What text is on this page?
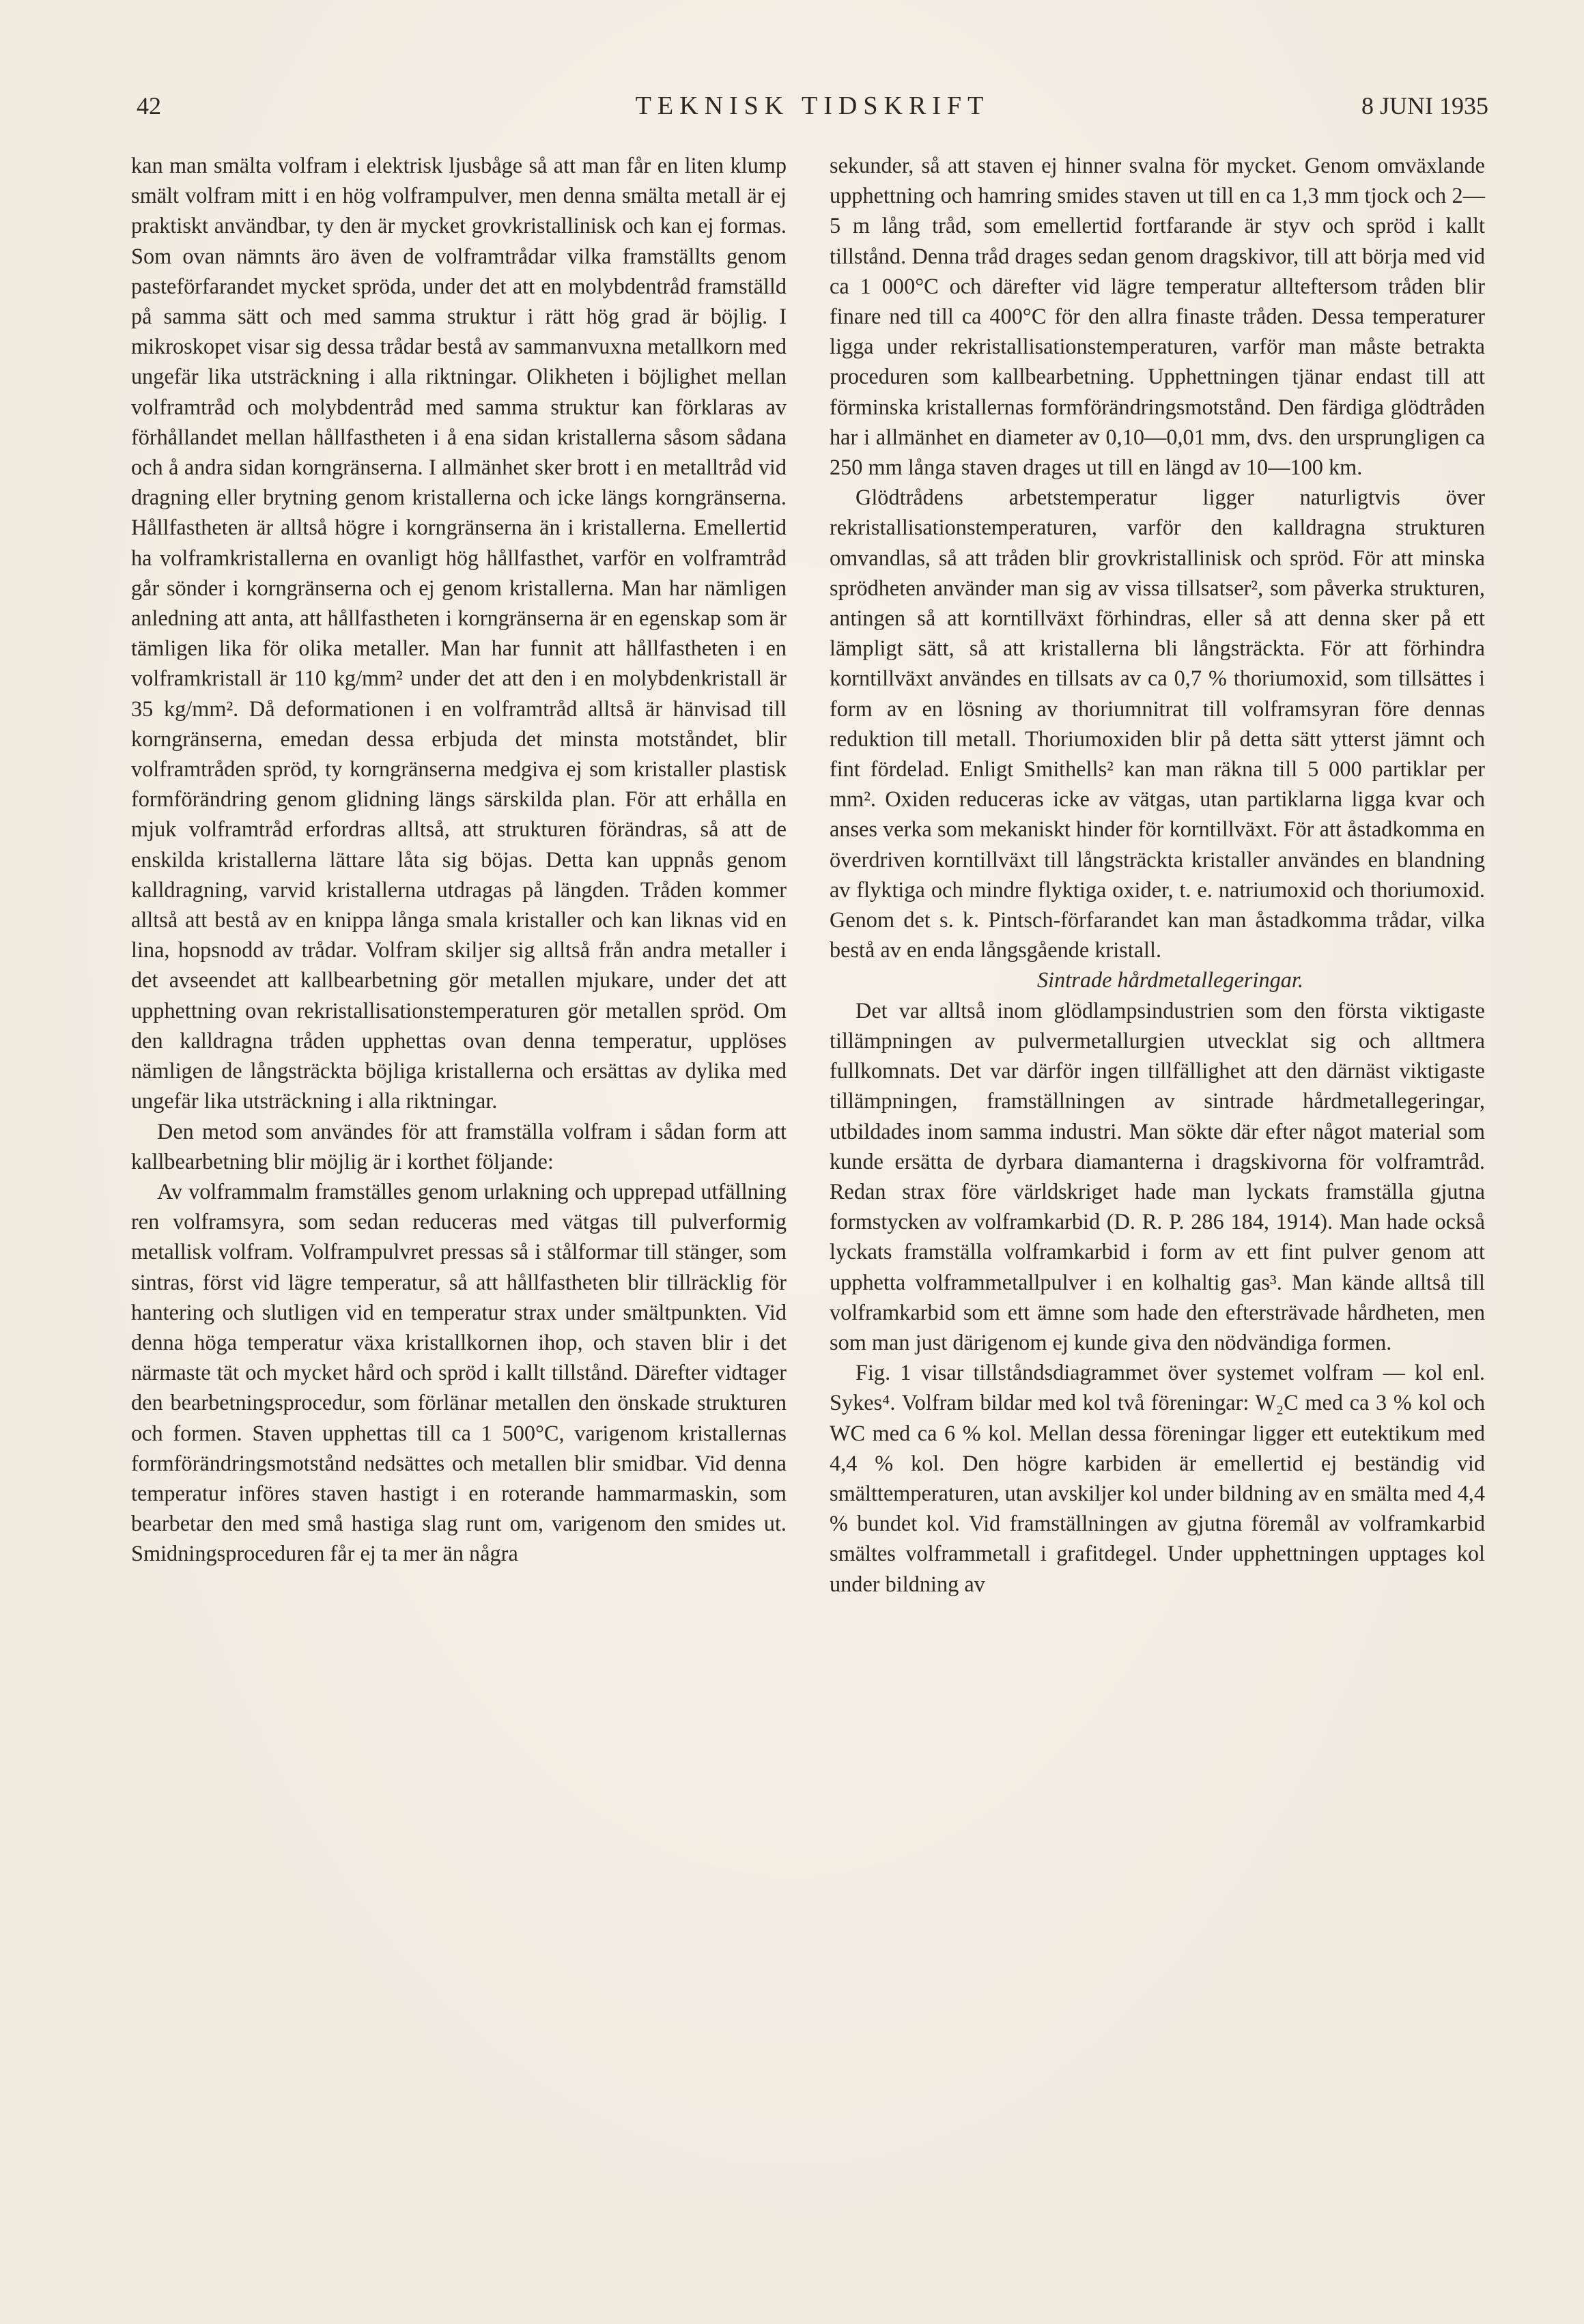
42	TEKNISK TIDSKRIFT	8 JUNI 1935

kan man smälta volfram i elektrisk ljusbåge så att man får en liten klump smält volfram mitt i en hög volframpulver, men denna smälta metall är ej praktiskt användbar, ty den är mycket grovkristallinisk och kan ej formas. Som ovan nämnts äro även de volframtrådar vilka framställts genom pasteförfarandet mycket spröda, under det att en molybdentråd framställd på samma sätt och med samma struktur i rätt hög grad är böjlig. I mikroskopet visar sig dessa trådar bestå av sammanvuxna metallkorn med ungefär lika utsträckning i alla riktningar. Olikheten i böjlighet mellan volframtråd och molybdentråd med samma struktur kan förklaras av förhållandet mellan hållfastheten i å ena sidan kristallerna såsom sådana och å andra sidan korngränserna. I allmänhet sker brott i en metalltråd vid dragning eller brytning genom kristallerna och icke längs korngränserna. Hållfastheten är alltså högre i korngränserna än i kristallerna. Emellertid ha volframkristallerna en ovanligt hög hållfasthet, varför en volframtråd går sönder i korngränserna och ej genom kristallerna. Man har nämligen anledning att anta, att hållfastheten i korngränserna är en egenskap som är tämligen lika för olika metaller. Man har funnit att hållfastheten i en volframkristall är 110 kg/mm² under det att den i en molybdenkristall är 35 kg/mm². Då deformationen i en volframtråd alltså är hänvisad till korngränserna, emedan dessa erbjuda det minsta motståndet, blir volframtråden spröd, ty korngränserna medgiva ej som kristaller plastisk formförändring genom glidning längs särskilda plan. För att erhålla en mjuk volframtråd erfordras alltså, att strukturen förändras, så att de enskilda kristallerna lättare låta sig böjas. Detta kan uppnås genom kalldragning, varvid kristallerna utdragas på längden. Tråden kommer alltså att bestå av en knippa långa smala kristaller och kan liknas vid en lina, hopsnodd av trådar. Volfram skiljer sig alltså från andra metaller i det avseendet att kallbearbetning gör metallen mjukare, under det att upphettning ovan rekristallisationstemperaturen gör metallen spröd. Om den kalldragna tråden upphettas ovan denna temperatur, upplöses nämligen de långsträckta böjliga kristallerna och ersättas av dylika med ungefär lika utsträckning i alla riktningar.

Den metod som användes för att framställa volfram i sådan form att kallbearbetning blir möjlig är i korthet följande:

Av volframmalm framställes genom urlakning och upprepad utfällning ren volframsyra, som sedan reduceras med vätgas till pulverformig metallisk volfram. Volframpulvret pressas så i stålformar till stänger, som sintras, först vid lägre temperatur, så att hållfastheten blir tillräcklig för hantering och slutligen vid en temperatur strax under smältpunkten. Vid denna höga temperatur växa kristallkornen ihop, och staven blir i det närmaste tät och mycket hård och spröd i kallt tillstånd. Därefter vidtager den bearbetningsprocedur, som förlänar metallen den önskade strukturen och formen. Staven upphettas till ca 1 500°C, varigenom kristallernas formförändringsmotstånd nedsättes och metallen blir smidbar. Vid denna temperatur införes staven hastigt i en roterande hammarmaskin, som bearbetar den med små hastiga slag runt om, varigenom den smides ut. Smidningsproceduren får ej ta mer än några

sekunder, så att staven ej hinner svalna för mycket. Genom omväxlande upphettning och hamring smides staven ut till en ca 1,3 mm tjock och 2—5 m lång tråd, som emellertid fortfarande är styv och spröd i kallt tillstånd. Denna tråd drages sedan genom dragskivor, till att börja med vid ca 1 000°C och därefter vid lägre temperatur allteftersom tråden blir finare ned till ca 400°C för den allra finaste tråden. Dessa temperaturer ligga under rekristallisationstemperaturen, varför man måste betrakta proceduren som kallbearbetning. Upphettningen tjänar endast till att förminska kristallernas formförändringsmotstånd. Den färdiga glödtråden har i allmänhet en diameter av 0,10—0,01 mm, dvs. den ursprungligen ca 250 mm långa staven drages ut till en längd av 10—100 km.

Glödtrådens arbetstemperatur ligger naturligtvis över rekristallisationstemperaturen, varför den kalldragna strukturen omvandlas, så att tråden blir grovkristallinisk och spröd. För att minska sprödheten använder man sig av vissa tillsatser², som påverka strukturen, antingen så att korntillväxt förhindras, eller så att denna sker på ett lämpligt sätt, så att kristallerna bli långsträckta. För att förhindra korntillväxt användes en tillsats av ca 0,7 % thoriumoxid, som tillsättes i form av en lösning av thoriumnitrat till volframsyran före dennas reduktion till metall. Thoriumoxiden blir på detta sätt ytterst jämnt och fint fördelad. Enligt Smithells² kan man räkna till 5 000 partiklar per mm². Oxiden reduceras icke av vätgas, utan partiklarna ligga kvar och anses verka som mekaniskt hinder för korntillväxt. För att åstadkomma en överdriven korntillväxt till långsträckta kristaller användes en blandning av flyktiga och mindre flyktiga oxider, t. e. natriumoxid och thoriumoxid. Genom det s. k. Pintsch-förfarandet kan man åstadkomma trådar, vilka bestå av en enda långsgående kristall.

Sintrade hårdmetallegeringar.

Det var alltså inom glödlampsindustrien som den första viktigaste tillämpningen av pulvermetallurgien utvecklat sig och alltmera fullkomnats. Det var därför ingen tillfällighet att den därnäst viktigaste tillämpningen, framställningen av sintrade hårdmetallegeringar, utbildades inom samma industri. Man sökte där efter något material som kunde ersätta de dyrbara diamanterna i dragskivorna för volframtråd. Redan strax före världskriget hade man lyckats framställa gjutna formstycken av volframkarbid (D. R. P. 286 184, 1914). Man hade också lyckats framställa volframkarbid i form av ett fint pulver genom att upphetta volframmetallpulver i en kolhaltig gas³. Man kände alltså till volframkarbid som ett ämne som hade den eftersträvade hårdheten, men som man just därigenom ej kunde giva den nödvändiga formen.

Fig. 1 visar tillståndsdiagrammet över systemet volfram — kol enl. Sykes⁴. Volfram bildar med kol två föreningar: W₂C med ca 3 % kol och WC med ca 6 % kol. Mellan dessa föreningar ligger ett eutektikum med 4,4 % kol. Den högre karbiden är emellertid ej beständig vid smälttemperaturen, utan avskiljer kol under bildning av en smälta med 4,4 % bundet kol. Vid framställningen av gjutna föremål av volframkarbid smältes volframmetall i grafitdegel. Under upphettningen upptages kol under bildning av
